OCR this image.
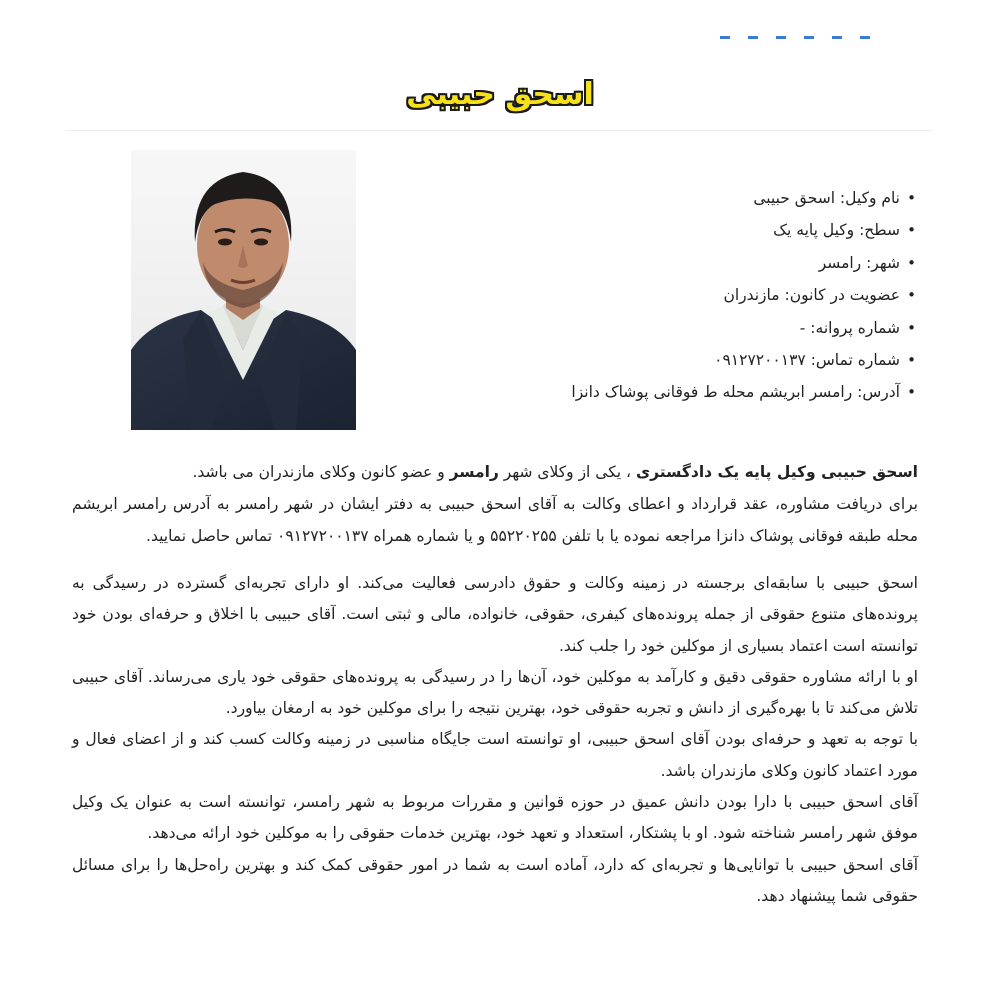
اسحق حبیبی
•
نام وکیل: اسحق حبیبی
•
سطح: وکیل پایه یک
•
شهر: رامسر
•
عضویت در کانون: مازندران
•
شماره پروانه: -
•
شماره تماس: ۰۹۱۲۷۲۰۰۱۳۷
•
آدرس: رامسر ابریشم محله ط فوقانی پوشاک دانزا

اسحق حبیبی وکیل پایه یک دادگستری ، یکی از وکلای شهر رامسر و عضو کانون وکلای مازندران می باشد.

برای دریافت مشاوره، عقد قرارداد و اعطای وکالت به آقای اسحق حبیبی به دفتر ایشان در شهر رامسر به آدرس رامسر ابریشم محله طبقه فوقانی پوشاک دانزا مراجعه نموده یا با تلفن ۵۵۲۲۰۲۵۵ و یا شماره همراه ۰۹۱۲۷۲۰۰۱۳۷ تماس حاصل نمایید.

اسحق حبیبی با سابقه‌ای برجسته در زمینه وکالت و حقوق دادرسی فعالیت می‌کند. او دارای تجربه‌ای گسترده در رسیدگی به پرونده‌های متنوع حقوقی از جمله پرونده‌های کیفری، حقوقی، خانواده، مالی و ثبتی است. آقای حبیبی با اخلاق و حرفه‌ای بودن خود توانسته است اعتماد بسیاری از موکلین خود را جلب کند.

او با ارائه مشاوره حقوقی دقیق و کارآمد به موکلین خود، آن‌ها را در رسیدگی به پرونده‌های حقوقی خود یاری می‌رساند. آقای حبیبی تلاش می‌کند تا با بهره‌گیری از دانش و تجربه حقوقی خود، بهترین نتیجه را برای موکلین خود به ارمغان بیاورد.

با توجه به تعهد و حرفه‌ای بودن آقای اسحق حبیبی، او توانسته است جایگاه مناسبی در زمینه وکالت کسب کند و از اعضای فعال و مورد اعتماد کانون وکلای مازندران باشد.

آقای اسحق حبیبی با دارا بودن دانش عمیق در حوزه قوانین و مقررات مربوط به شهر رامسر، توانسته است به عنوان یک وکیل موفق شهر رامسر شناخته شود. او با پشتکار، استعداد و تعهد خود، بهترین خدمات حقوقی را به موکلین خود ارائه می‌دهد.

آقای اسحق حبیبی با توانایی‌ها و تجربه‌ای که دارد، آماده است به شما در امور حقوقی کمک کند و بهترین راه‌حل‌ها را برای مسائل حقوقی شما پیشنهاد دهد.
